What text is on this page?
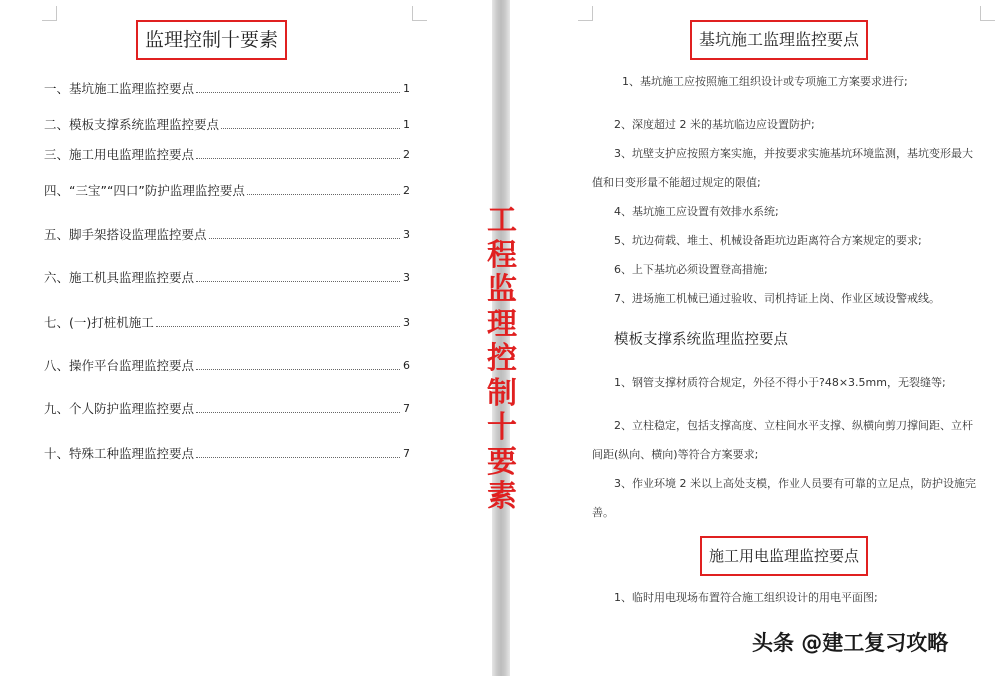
监理控制十要素
一、基坑施工监理监控要点	1
二、模板支撑系统监理监控要点	1
三、施工用电监理监控要点	2
四、“三宝”“四口”防护监理监控要点	2
五、脚手架搭设监理监控要点	3
六、施工机具监理监控要点	3
七、(一)打桩机施工	3
八、操作平台监理监控要点	6
九、个人防护监理监控要点	7
十、特殊工种监理监控要点	7
基坑施工监理监控要点
1、基坑施工应按照施工组织设计或专项施工方案要求进行;
2、深度超过 2 米的基坑临边应设置防护;
3、坑壁支护应按照方案实施，并按要求实施基坑环境监测，基坑变形最大
值和日变形量不能超过规定的限值;
4、基坑施工应设置有效排水系统;
5、坑边荷载、堆土、机械设备距坑边距离符合方案规定的要求;
6、上下基坑必须设置登高措施;
7、进场施工机械已通过验收、司机持证上岗、作业区域设警戒线。
模板支撑系统监理监控要点
1、钢管支撑材质符合规定，外径不得小于?48×3.5mm，无裂缝等;
2、立柱稳定，包括支撑高度、立柱间水平支撑、纵横向剪刀撑间距、立杆
间距(纵向、横向)等符合方案要求;
3、作业环境 2 米以上高处支模，作业人员要有可靠的立足点，防护设施完
善。
施工用电监理监控要点
1、临时用电现场布置符合施工组织设计的用电平面图;
工
程
监
理
控
制
十
要
素
头条 @建工复习攻略
